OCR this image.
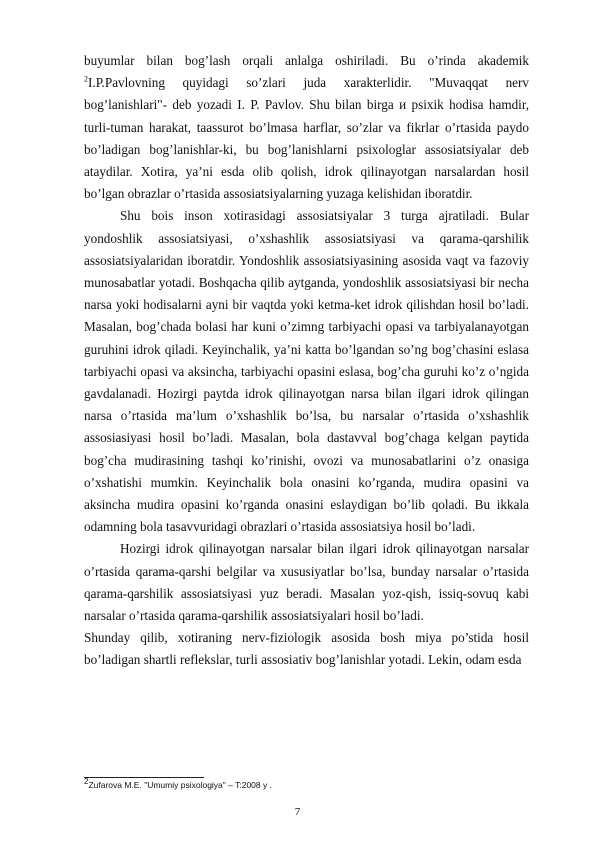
buyumlar bilan bog’lash orqali anlalga oshiriladi. Bu o’rinda akademik $^2$I.P.Pavlovning quyidagi so’zlari juda xarakterlidir. "Muvaqqat nerv bog’lanishlari"- deb yozadi I. P. Pavlov. Shu bilan birga и psixik hodisa hamdir, turli-tuman harakat, taassurot bo’lmasa harflar, so’zlar va fikrlar o’rtasida paydo bo’ladigan bog’lanishlar-ki, bu bog’lanishlarni psixologlar assosiatsiyalar deb ataydilar. Xotira, ya’ni esda olib qolish, idrok qilinayotgan narsalardan hosil bo’lgan obrazlar o’rtasida assosiatsiyalarning yuzaga kelishidan iboratdir.

Shu bois inson xotirasidagi assosiatsiyalar 3 turga ajratiladi. Bular yondoshlik assosiatsiyasi, o’xshashlik assosiatsiyasi va qarama-qarshilik assosiatsiyalaridan iboratdir. Yondoshlik assosiatsiyasining asosida vaqt va fazoviy munosabatlar yotadi. Boshqacha qilib aytganda, yondoshlik assosiatsiyasi bir necha narsa yoki hodisalarni ayni bir vaqtda yoki ketma-ket idrok qilishdan hosil bo’ladi. Masalan, bog’chada bolasi har kuni o’zimng tarbiyachi opasi va tarbiyalanayotgan guruhini idrok qiladi. Keyinchalik, ya’ni katta bo’lgandan so’ng bog’chasini eslasa tarbiyachi opasi va aksincha, tarbiyachi opasini eslasa, bog’cha guruhi ko’z o’ngida gavdalanadi. Hozirgi paytda idrok qilinayotgan narsa bilan ilgari idrok qilingan narsa o’rtasida ma’lum o’xshashlik bo’lsa, bu narsalar o’rtasida o’xshashlik assosiasiyasi hosil bo’ladi. Masalan, bola dastavval bog’chaga kelgan paytida bog’cha mudirasining tashqi ko’rinishi, ovozi va munosabatlarini o’z onasiga o’xshatishi mumkin. Keyinchalik bola onasini ko’rganda, mudira opasini va aksincha mudira opasini ko’rganda onasini eslaydigan bo’lib qoladi. Bu ikkala odamning bola tasavvuridagi obrazlari o’rtasida assosiatsiya hosil bo’ladi.

Hozirgi idrok qilinayotgan narsalar bilan ilgari idrok qilinayotgan narsalar o’rtasida qarama-qarshi belgilar va xususiyatlar bo’lsa, bunday narsalar o’rtasida qarama-qarshilik assosiatsiyasi yuz beradi. Masalan yoz-qish, issiq-sovuq kabi narsalar o’rtasida qarama-qarshilik assosiatsiyalari hosil bo’ladi.

Shunday qilib, xotiraning nerv-fiziologik asosida bosh miya po’stida hosil bo’ladigan shartli reflekslar, turli assosiativ bog’lanishlar yotadi. Lekin, odam esda

$^2$Zufarova M.E. "Umumiy psixologiya" – T:2008 y .
7
